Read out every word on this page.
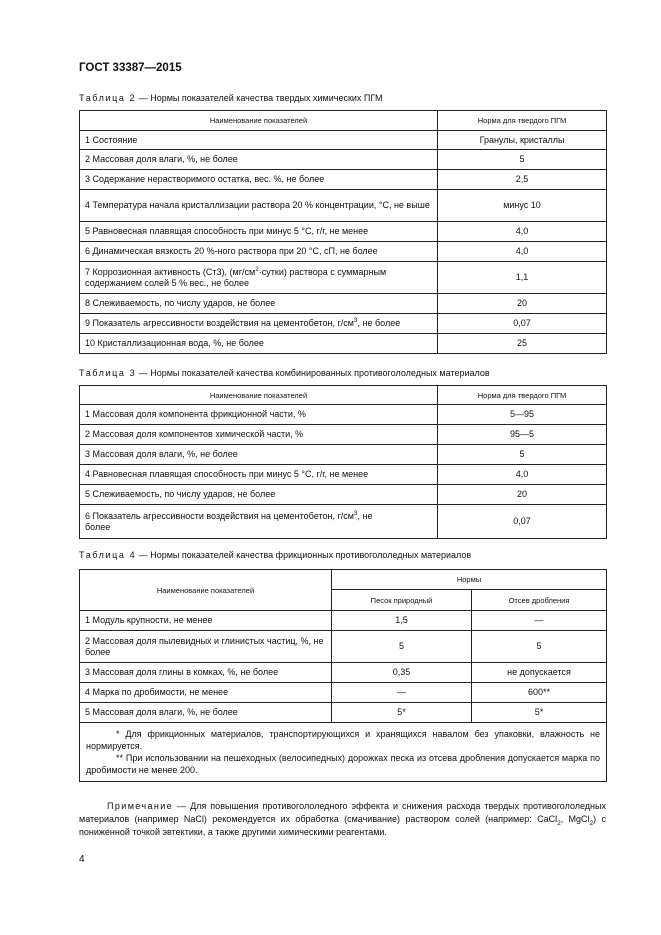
ГОСТ 33387—2015
Таблица 2 — Нормы показателей качества твердых химических ПГМ
Наименование показателей	Норма для твердого ПГМ
1 Состояние	Гранулы, кристаллы
2 Массовая доля влаги, %, не более	5
3 Содержание нерастворимого остатка, вес. %, не более	2,5
4 Температура начала кристаллизации раствора 20 % концентрации, °С, не выше	минус 10
5 Равновесная плавящая способность при минус 5 °С, г/г, не менее	4,0
6 Динамическая вязкость 20 %-ного раствора при 20 °С, сП, не более	4,0
7 Коррозионная активность (Ст3), $(мг/см^2\cdot сутки)$ раствора с суммарным содержанием солей 5 % вес., не более	1,1
8 Слеживаемость, по числу ударов, не более	20
9 Показатель агрессивности воздействия на цементобетон, $г/см^3$, не более	0,07
10 Кристаллизационная вода, %, не более	25
Таблица 3 — Нормы показателей качества комбинированных противогололедных материалов
Наименование показателей	Норма для твердого ПГМ
1 Массовая доля компонента фрикционной части, %	5—95
2 Массовая доля компонентов химической части, %	95—5
3 Массовая доля влаги, %, не более	5
4 Равновесная плавящая способность при минус 5 °С, г/г, не менее	4,0
5 Слеживаемость, по числу ударов, не более	20
6 Показатель агрессивности воздействия на цементобетон, $г/см^3$, не более	0,07
Таблица 4 — Нормы показателей качества фрикционных противогололедных материалов
Наименование показателей	Нормы	
	Песок природный	Отсев дробления
1 Модуль крупности, не менее	1,5	—
2 Массовая доля пылевидных и глинистых частиц, %, не более	5	5
3 Массовая доля глины в комках, %, не более	0,35	не допускается
4 Марка по дробимости, не менее	—	600**
5 Массовая доля влаги, %, не более	5*	5*

* Для фрикционных материалов, транспортирующихся и хранящихся навалом без упаковки, влажность не нормируется.

** При использовании на пешеходных (велосипедных) дорожках песка из отсева дробления допускается марка по дробимости не менее 200.		

Примечание — Для повышения противогололедного эффекта и снижения расхода твердых противогололедных материалов (например NaCl) рекомендуется их обработка (смачивание) раствором солей (например: CaCl$_2$, MgCl$_2$) с пониженной точкой эвтектики, а также другими химическими реагентами.

4
